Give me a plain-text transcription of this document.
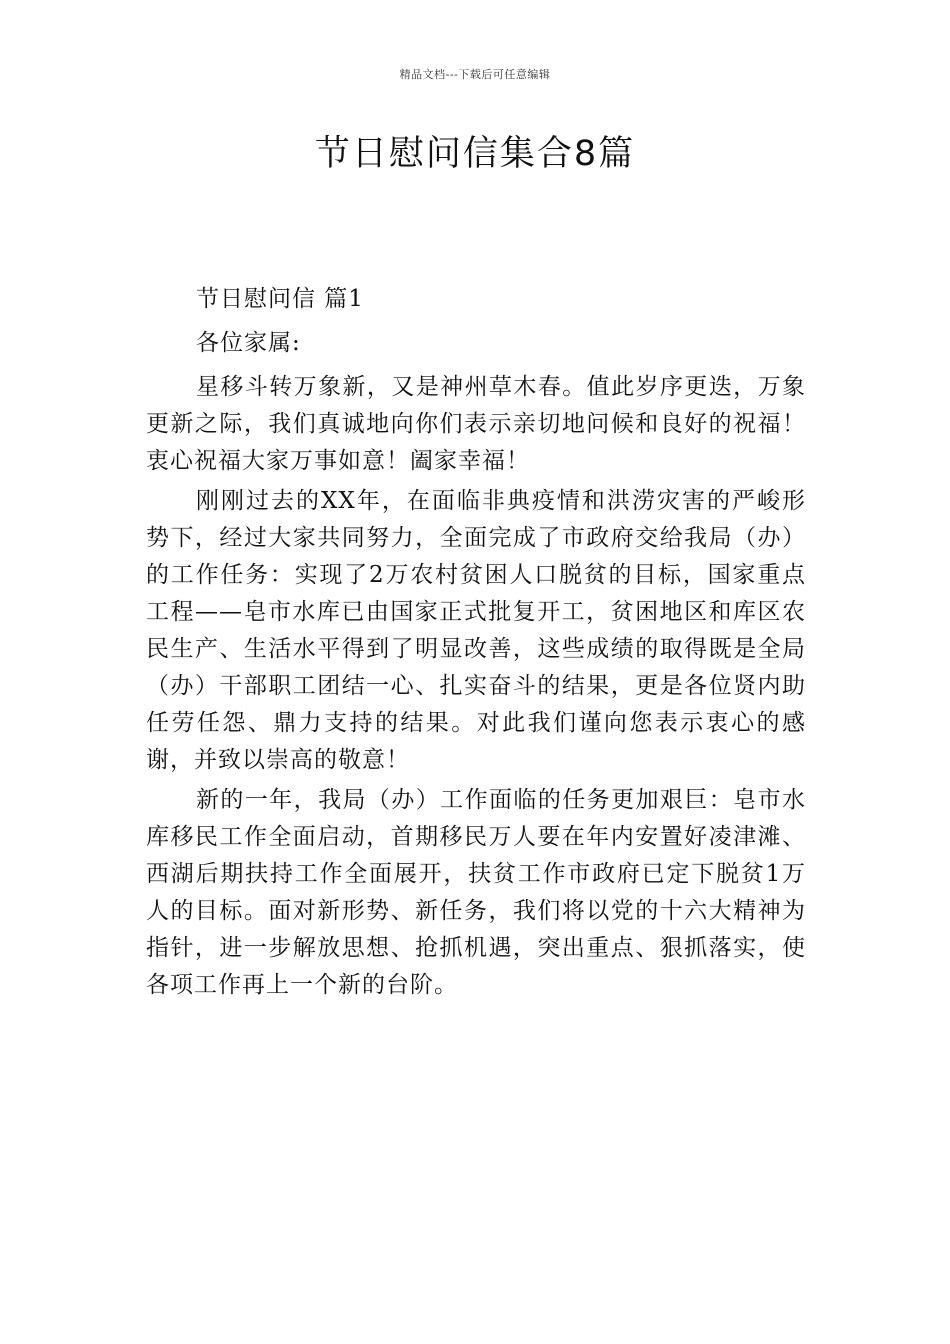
精品文档---下载后可任意编辑
节日慰问信集合8篇

节日慰问信 篇1

各位家属:

星移斗转万象新，又是神州草木春。值此岁序更迭，万象更新之际，我们真诚地向你们表示亲切地问候和良好的祝福！衷心祝福大家万事如意！阖家幸福！

刚刚过去的XX年，在面临非典疫情和洪涝灾害的严峻形势下，经过大家共同努力，全面完成了市政府交给我局（办）的工作任务：实现了2万农村贫困人口脱贫的目标，国家重点工程——皂市水库已由国家正式批复开工，贫困地区和库区农民生产、生活水平得到了明显改善，这些成绩的取得既是全局（办）干部职工团结一心、扎实奋斗的结果，更是各位贤内助任劳任怨、鼎力支持的结果。对此我们谨向您表示衷心的感谢，并致以崇高的敬意！

新的一年，我局（办）工作面临的任务更加艰巨：皂市水库移民工作全面启动，首期移民万人要在年内安置好凌津滩、西湖后期扶持工作全面展开，扶贫工作市政府已定下脱贫1万人的目标。面对新形势、新任务，我们将以党的十六大精神为指针，进一步解放思想、抢抓机遇，突出重点、狠抓落实，使各项工作再上一个新的台阶。
